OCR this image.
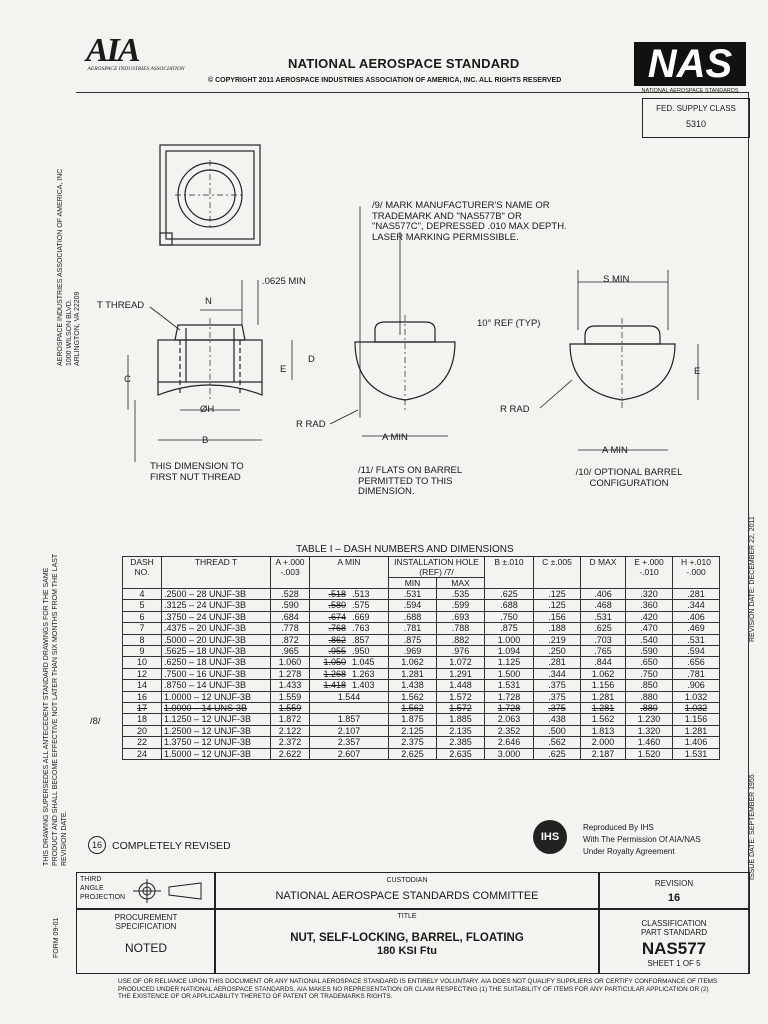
AIA
AEROSPACE INDUSTRIES ASSOCIATION	NATIONAL AEROSPACE STANDARD
© COPYRIGHT 2011 AEROSPACE INDUSTRIES ASSOCIATION OF AMERICA, INC. ALL RIGHTS RESERVED	NAS
NATIONAL AEROSPACE STANDARDS
FED. SUPPLY CLASS
5310
AEROSPACE INDUSTRIES ASSOCIATION OF AMERICA, INC 1000 WILSON BLVD. ARLINGTON, VA 22209
THIS DRAWING SUPERSEDES ALL ANTECEDENT STANDARD DRAWINGS FOR THE SAME PRODUCT AND SHALL BECOME EFFECTIVE NOT LATER THAN SIX MONTHS FROM THE LAST REVISION DATE.
FORM 09-01
REVISION DATE: DECEMBER 22, 2011
ISSUE DATE: SEPTEMBER 1955
/9/ MARK MANUFACTURER'S NAME OR TRADEMARK AND "NAS577B" OR "NAS577C", DEPRESSED .010 MAX DEPTH. LASER MARKING PERMISSIBLE.
.0625 MIN
T THREAD	N
C
E
D
ØH
B
R RAD
A MIN
10° REF (TYP)
S MIN
E
R RAD
A MIN
THIS DIMENSION TO FIRST NUT THREAD
/11/ FLATS ON BARREL PERMITTED TO THIS DIMENSION.
/10/ OPTIONAL BARREL CONFIGURATION
/8/
TABLE I – DASH NUMBERS AND DIMENSIONS
DASH NO.	THREAD T	A +.000 -.003	A MIN	INSTALLATION HOLE (REF) /7/		B ±.010	C ±.005	D MAX	E +.000 -.010	H +.010 -.000
				MIN	MAX					
4	.2500 – 28 UNJF-3B	.528	.518 .513	.531	.535	.625	.125	.406	.320	.281
5	.3125 – 24 UNJF-3B	.590	.580 .575	.594	.599	.688	.125	.468	.360	.344
6	.3750 – 24 UNJF-3B	.684	.674 .669	.688	.693	.750	.156	.531	.420	.406
7	.4375 – 20 UNJF-3B	.778	.768 .763	.781	.788	.875	.188	.625	.470	.469
8	.5000 – 20 UNJF-3B	.872	.862 .857	.875	.882	1.000	.219	.703	.540	.531
9	.5625 – 18 UNJF-3B	.965	.955 .950	.969	.976	1.094	.250	.765	.590	.594
10	.6250 – 18 UNJF-3B	1.060	1.050 1.045	1.062	1.072	1.125	.281	.844	.650	.656
12	.7500 – 16 UNJF-3B	1.278	1.268 1.263	1.281	1.291	1.500	.344	1.062	.750	.781
14	.8750 – 14 UNJF-3B	1.433	1.418 1.403	1.438	1.448	1.531	.375	1.156	.850	.906
16	1.0000 – 12 UNJF-3B	1.559	1.544	1.562	1.572	1.728	.375	1.281	.880	1.032
17	1.0000 – 14 UNS-3B	1.559		1.562	1.572	1.728	.375	1.281	.880	1.032
18	1.1250 – 12 UNJF-3B	1.872	1.857	1.875	1.885	2.063	.438	1.562	1.230	1.156
20	1.2500 – 12 UNJF-3B	2.122	2.107	2.125	2.135	2.352	.500	1.813	1.320	1.281
22	1.3750 – 12 UNJF-3B	2.372	2.357	2.375	2.385	2.646	.562	2.000	1.460	1.406
24	1.5000 – 12 UNJF-3B	2.622	2.607	2.625	2.635	3.000	.625	2.187	1.520	1.531
16 COMPLETELY REVISED
IHS
Reproduced By IHS
With The Permission Of AIA/NAS
Under Royalty Agreement
THIRD ANGLE PROJECTION
CUSTODIAN
NATIONAL AEROSPACE STANDARDS COMMITTEE
REVISION
16
PROCUREMENT SPECIFICATION
NOTED
TITLE
NUT, SELF-LOCKING, BARREL, FLOATING
180 KSI Ftu
CLASSIFICATION
PART STANDARD
NAS577
SHEET 1 OF 5
USE OF OR RELIANCE UPON THIS DOCUMENT OR ANY NATIONAL AEROSPACE STANDARD IS ENTIRELY VOLUNTARY. AIA DOES NOT QUALIFY SUPPLIERS OR CERTIFY CONFORMANCE OF ITEMS PRODUCED UNDER NATIONAL AEROSPACE STANDARDS. AIA MAKES NO REPRESENTATION OR CLAIM RESPECTING (1) THE SUITABILITY OF ITEMS FOR ANY PARTICULAR APPLICATION OR (2) THE EXISTENCE OF OR APPLICABILITY THERETO OF PATENT OR TRADEMARKS RIGHTS.
